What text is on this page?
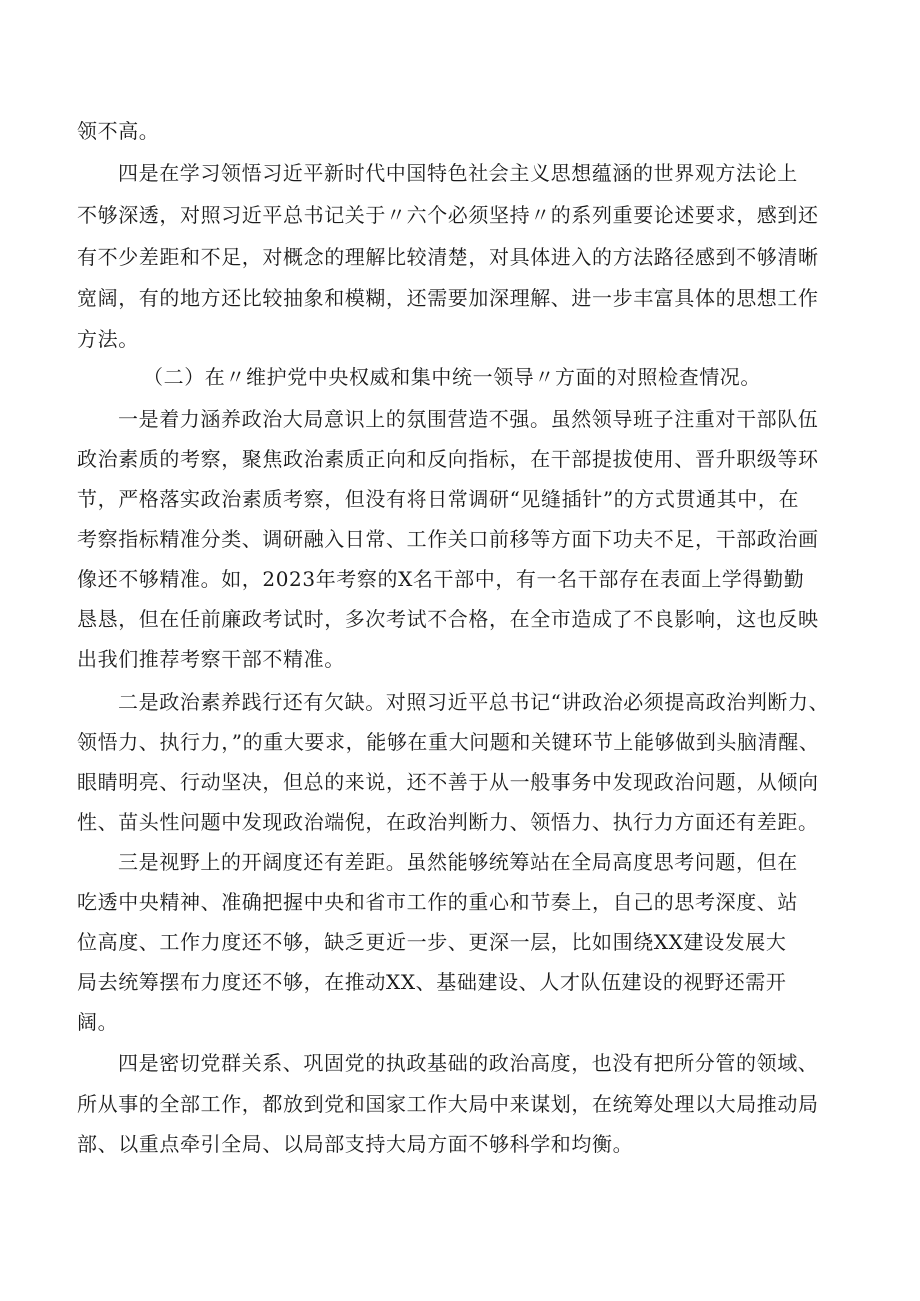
领不高。
四是在学习领悟习近平新时代中国特色社会主义思想蕴涵的世界观方法论上
不够深透，对照习近平总书记关于〃六个必须坚持〃的系列重要论述要求，感到还
有不少差距和不足，对概念的理解比较清楚，对具体进入的方法路径感到不够清晰
宽阔，有的地方还比较抽象和模糊，还需要加深理解、进一步丰富具体的思想工作
方法。
（二）在〃维护党中央权威和集中统一领导〃方面的对照检查情况。
一是着力涵养政治大局意识上的氛围营造不强。虽然领导班子注重对干部队伍
政治素质的考察，聚焦政治素质正向和反向指标，在干部提拔使用、晋升职级等环
节，严格落实政治素质考察，但没有将日常调研“见缝插针”的方式贯通其中，在
考察指标精准分类、调研融入日常、工作关口前移等方面下功夫不足，干部政治画
像还不够精准。如，2023年考察的X名干部中，有一名干部存在表面上学得勤勤
恳恳，但在任前廉政考试时，多次考试不合格，在全市造成了不良影响，这也反映
出我们推荐考察干部不精准。
二是政治素养践行还有欠缺。对照习近平总书记“讲政治必须提高政治判断力、
领悟力、执行力，”的重大要求，能够在重大问题和关键环节上能够做到头脑清醒、
眼睛明亮、行动坚决，但总的来说，还不善于从一般事务中发现政治问题，从倾向
性、苗头性问题中发现政治端倪，在政治判断力、领悟力、执行力方面还有差距。
三是视野上的开阔度还有差距。虽然能够统筹站在全局高度思考问题，但在
吃透中央精神、准确把握中央和省市工作的重心和节奏上，自己的思考深度、站
位高度、工作力度还不够，缺乏更近一步、更深一层，比如围绕XX建设发展大
局去统筹摆布力度还不够，在推动XX、基础建设、人才队伍建设的视野还需开
阔。
四是密切党群关系、巩固党的执政基础的政治高度，也没有把所分管的领域、
所从事的全部工作，都放到党和国家工作大局中来谋划，在统筹处理以大局推动局
部、以重点牵引全局、以局部支持大局方面不够科学和均衡。
